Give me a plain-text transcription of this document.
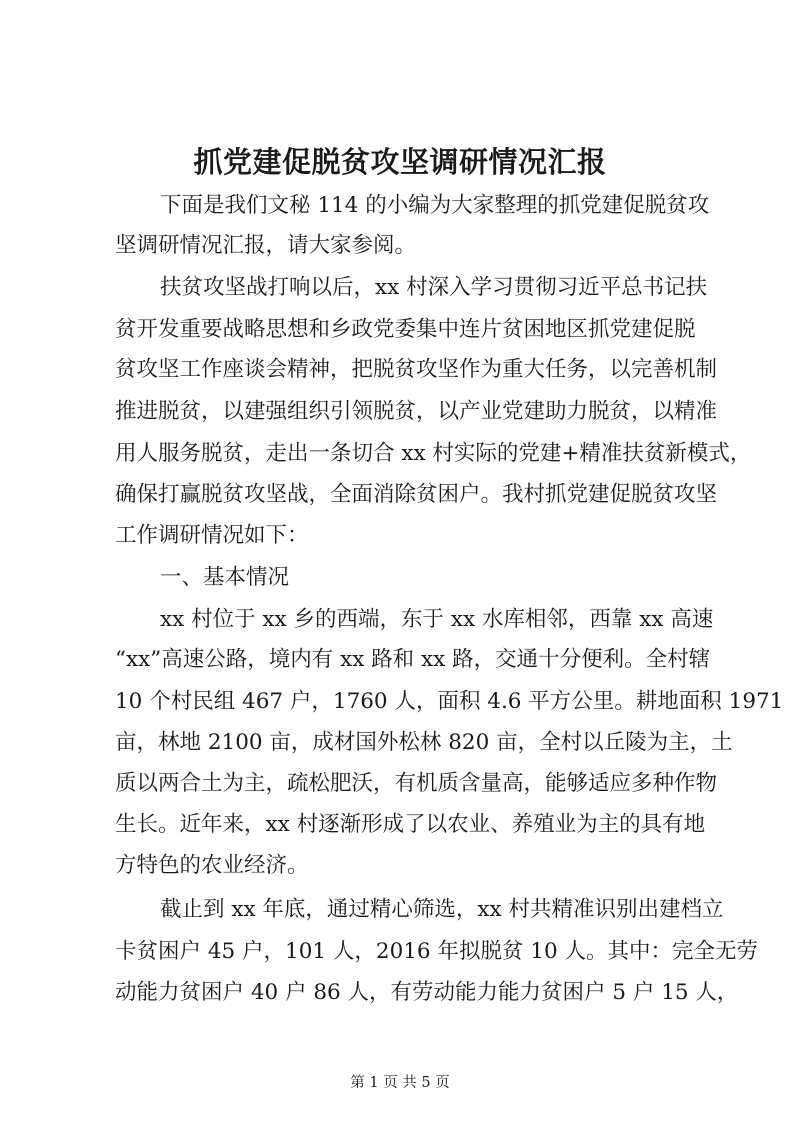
抓党建促脱贫攻坚调研情况汇报
下面是我们文秘 114 的小编为大家整理的抓党建促脱贫攻
坚调研情况汇报，请大家参阅。
扶贫攻坚战打响以后，xx 村深入学习贯彻习近平总书记扶
贫开发重要战略思想和乡政党委集中连片贫困地区抓党建促脱
贫攻坚工作座谈会精神，把脱贫攻坚作为重大任务，以完善机制
推进脱贫，以建强组织引领脱贫，以产业党建助力脱贫，以精准
用人服务脱贫，走出一条切合 xx 村实际的党建+精准扶贫新模式，
确保打赢脱贫攻坚战，全面消除贫困户。我村抓党建促脱贫攻坚
工作调研情况如下：
一、基本情况
xx 村位于 xx 乡的西端，东于 xx 水库相邻，西靠 xx 高速
“xx”高速公路，境内有 xx 路和 xx 路，交通十分便利。全村辖
10 个村民组 467 户，1760 人，面积 4.6 平方公里。耕地面积 1971
亩，林地 2100 亩，成材国外松林 820 亩，全村以丘陵为主，土
质以两合土为主，疏松肥沃，有机质含量高，能够适应多种作物
生长。近年来，xx 村逐渐形成了以农业、养殖业为主的具有地
方特色的农业经济。
截止到 xx 年底，通过精心筛选，xx 村共精准识别出建档立
卡贫困户 45 户，101 人，2016 年拟脱贫 10 人。其中：完全无劳
动能力贫困户 40 户 86 人，有劳动能力能力贫困户 5 户 15 人，
第 1 页 共 5 页
